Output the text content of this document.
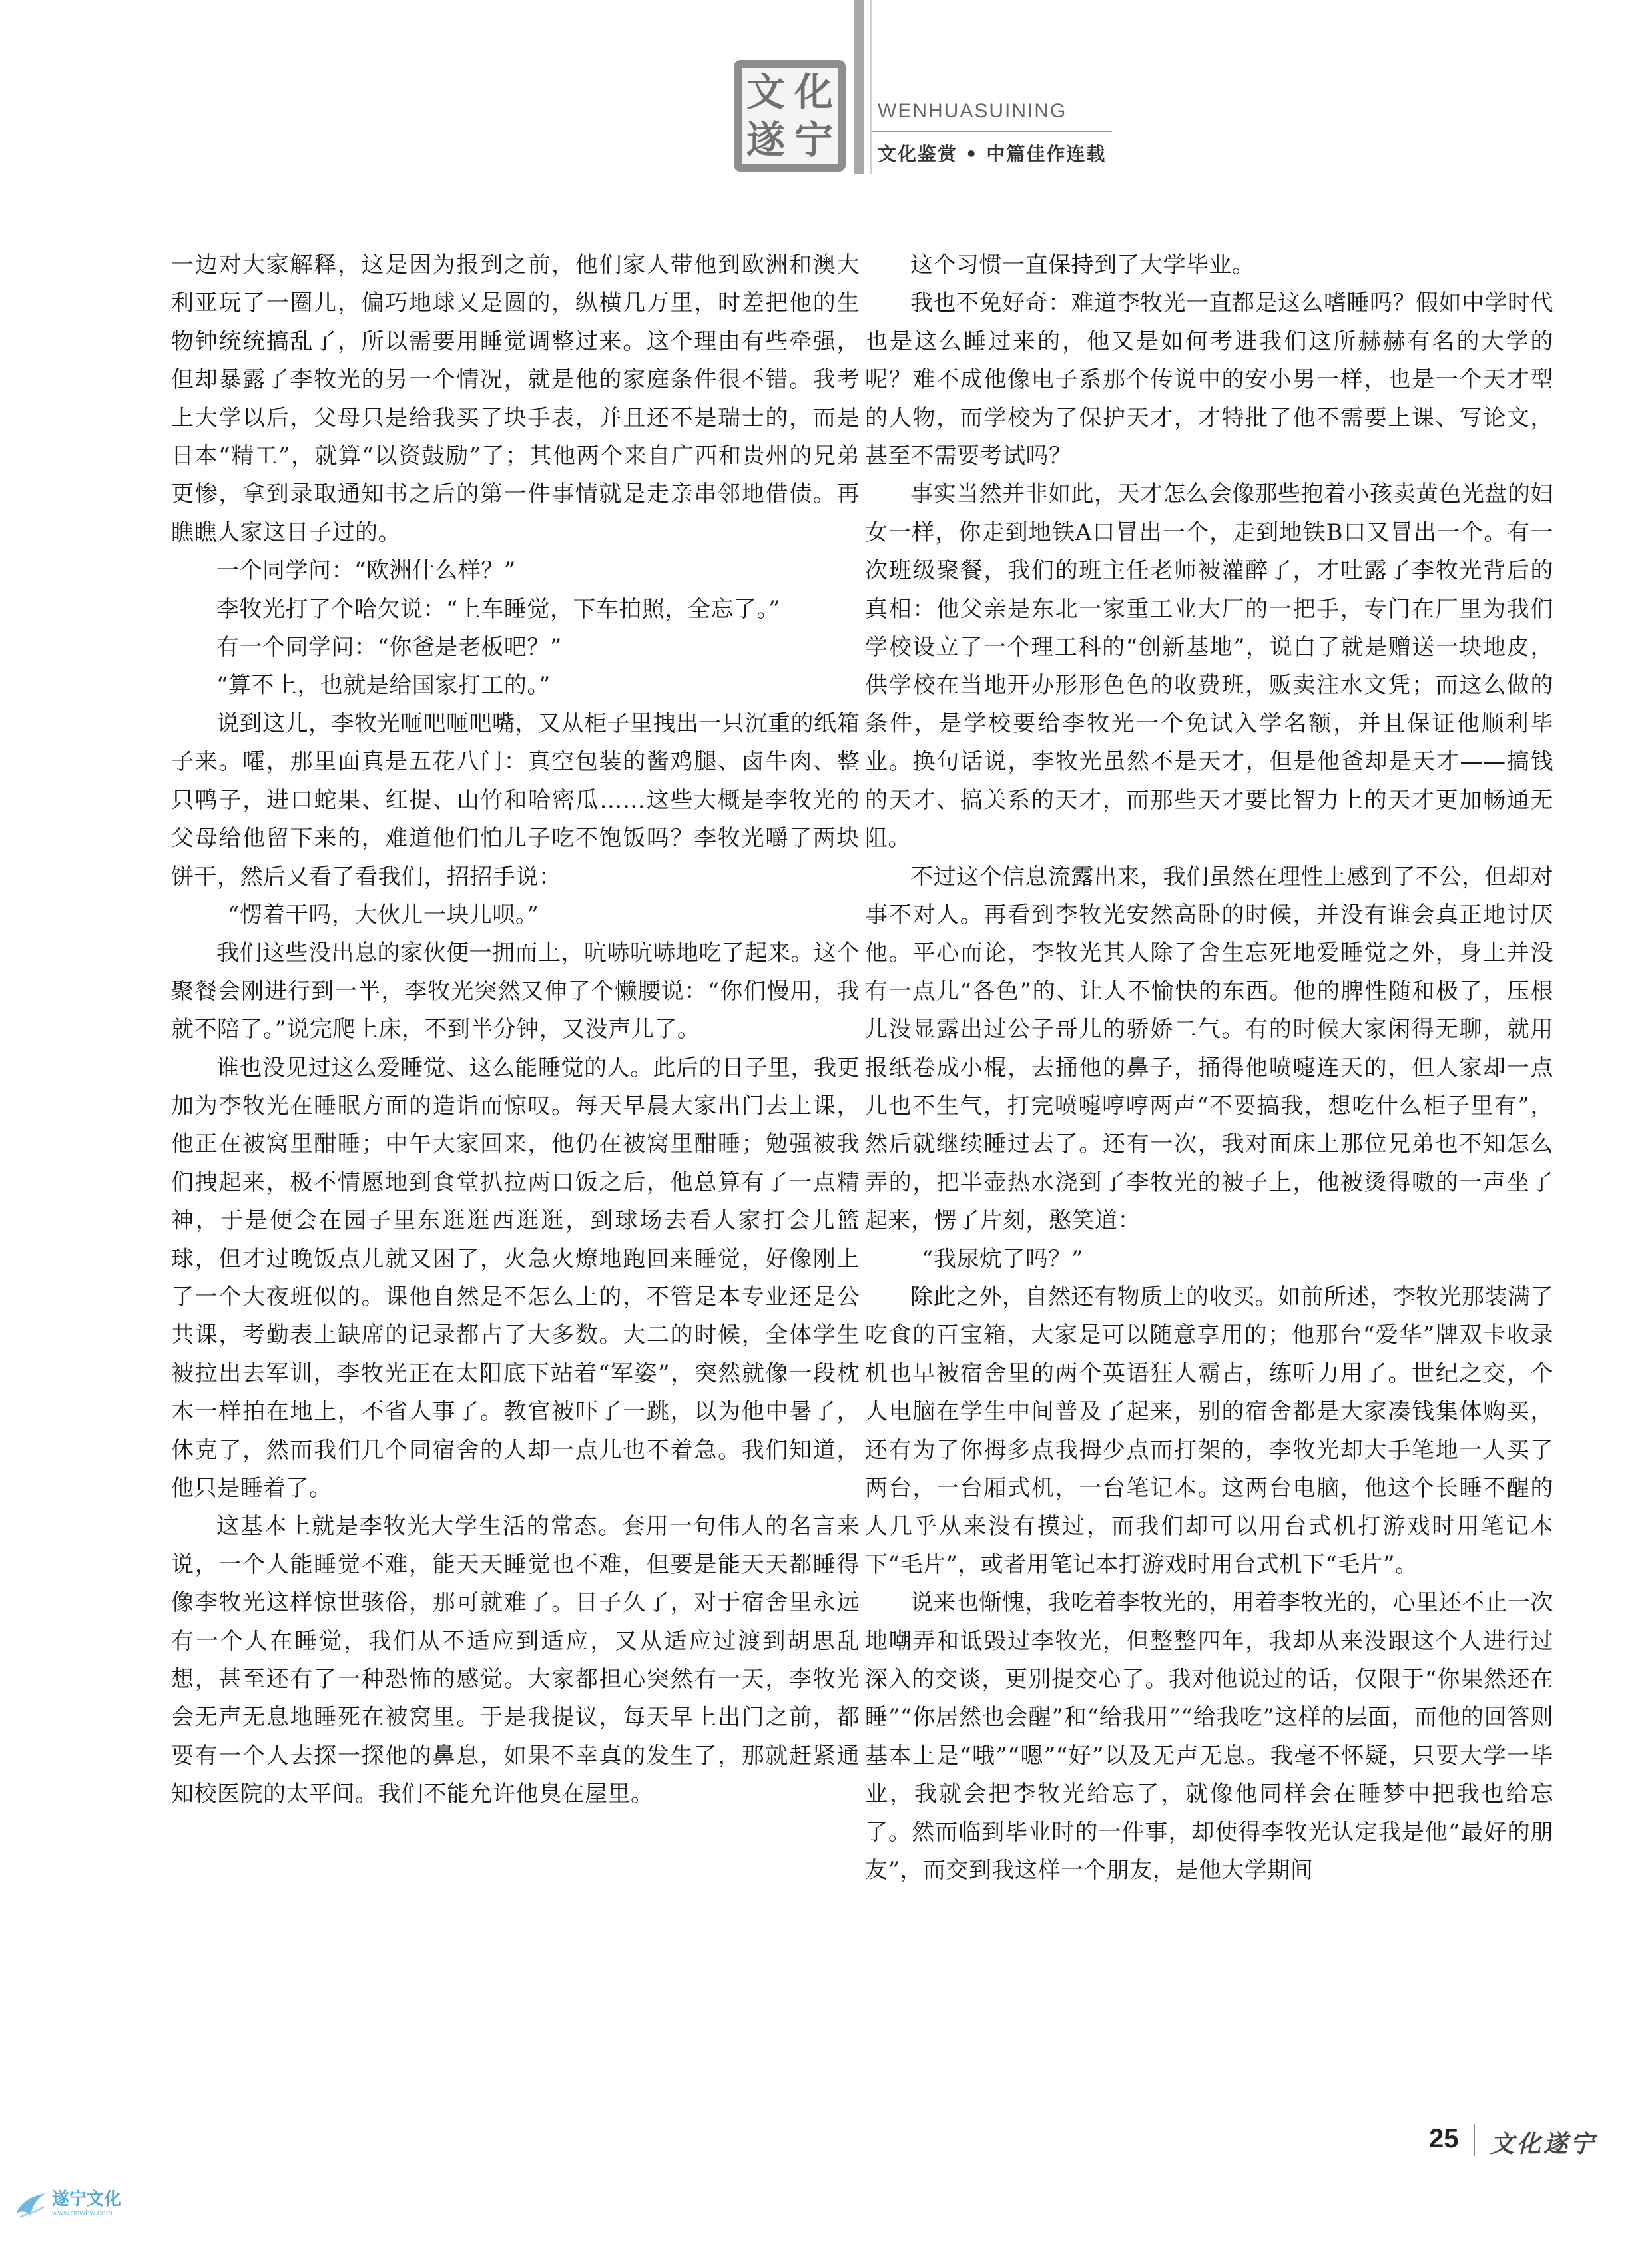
文 化
遂 宁
WENHUASUINING
文化鉴赏 • 中篇佳作连载

一边对大家解释，这是因为报到之前，他们家人带他到欧洲和澳大利亚玩了一圈儿，偏巧地球又是圆的，纵横几万里，时差把他的生物钟统统搞乱了，所以需要用睡觉调整过来。这个理由有些牵强，但却暴露了李牧光的另一个情况，就是他的家庭条件很不错。我考上大学以后，父母只是给我买了块手表，并且还不是瑞士的，而是日本“精工”，就算“以资鼓励”了；其他两个来自广西和贵州的兄弟更惨，拿到录取通知书之后的第一件事情就是走亲串邻地借债。再瞧瞧人家这日子过的。

一个同学问：“欧洲什么样？”

李牧光打了个哈欠说：“上车睡觉，下车拍照，全忘了。”

有一个同学问：“你爸是老板吧？”

“算不上，也就是给国家打工的。”

说到这儿，李牧光咂吧咂吧嘴，又从柜子里拽出一只沉重的纸箱子来。嚯，那里面真是五花八门：真空包装的酱鸡腿、卤牛肉、整只鸭子，进口蛇果、红提、山竹和哈密瓜……这些大概是李牧光的父母给他留下来的，难道他们怕儿子吃不饱饭吗？李牧光嚼了两块饼干，然后又看了看我们，招招手说：

“愣着干吗，大伙儿一块儿呗。”

我们这些没出息的家伙便一拥而上，吭哧吭哧地吃了起来。这个聚餐会刚进行到一半，李牧光突然又伸了个懒腰说：“你们慢用，我就不陪了。”说完爬上床，不到半分钟，又没声儿了。

谁也没见过这么爱睡觉、这么能睡觉的人。此后的日子里，我更加为李牧光在睡眠方面的造诣而惊叹。每天早晨大家出门去上课，他正在被窝里酣睡；中午大家回来，他仍在被窝里酣睡；勉强被我们拽起来，极不情愿地到食堂扒拉两口饭之后，他总算有了一点精神，于是便会在园子里东逛逛西逛逛，到球场去看人家打会儿篮球，但才过晚饭点儿就又困了，火急火燎地跑回来睡觉，好像刚上了一个大夜班似的。课他自然是不怎么上的，不管是本专业还是公共课，考勤表上缺席的记录都占了大多数。大二的时候，全体学生被拉出去军训，李牧光正在太阳底下站着“军姿”，突然就像一段枕木一样拍在地上，不省人事了。教官被吓了一跳，以为他中暑了，休克了，然而我们几个同宿舍的人却一点儿也不着急。我们知道，他只是睡着了。

这基本上就是李牧光大学生活的常态。套用一句伟人的名言来说，一个人能睡觉不难，能天天睡觉也不难，但要是能天天都睡得像李牧光这样惊世骇俗，那可就难了。日子久了，对于宿舍里永远有一个人在睡觉，我们从不适应到适应，又从适应过渡到胡思乱想，甚至还有了一种恐怖的感觉。大家都担心突然有一天，李牧光会无声无息地睡死在被窝里。于是我提议，每天早上出门之前，都要有一个人去探一探他的鼻息，如果不幸真的发生了，那就赶紧通知校医院的太平间。我们不能允许他臭在屋里。

这个习惯一直保持到了大学毕业。

我也不免好奇：难道李牧光一直都是这么嗜睡吗？假如中学时代也是这么睡过来的，他又是如何考进我们这所赫赫有名的大学的呢？难不成他像电子系那个传说中的安小男一样，也是一个天才型的人物，而学校为了保护天才，才特批了他不需要上课、写论文，甚至不需要考试吗？

事实当然并非如此，天才怎么会像那些抱着小孩卖黄色光盘的妇女一样，你走到地铁A口冒出一个，走到地铁B口又冒出一个。有一次班级聚餐，我们的班主任老师被灌醉了，才吐露了李牧光背后的真相：他父亲是东北一家重工业大厂的一把手，专门在厂里为我们学校设立了一个理工科的“创新基地”，说白了就是赠送一块地皮，供学校在当地开办形形色色的收费班，贩卖注水文凭；而这么做的条件，是学校要给李牧光一个免试入学名额，并且保证他顺利毕业。换句话说，李牧光虽然不是天才，但是他爸却是天才——搞钱的天才、搞关系的天才，而那些天才要比智力上的天才更加畅通无阻。

不过这个信息流露出来，我们虽然在理性上感到了不公，但却对事不对人。再看到李牧光安然高卧的时候，并没有谁会真正地讨厌他。平心而论，李牧光其人除了舍生忘死地爱睡觉之外，身上并没有一点儿“各色”的、让人不愉快的东西。他的脾性随和极了，压根儿没显露出过公子哥儿的骄娇二气。有的时候大家闲得无聊，就用报纸卷成小棍，去捅他的鼻子，捅得他喷嚏连天的，但人家却一点儿也不生气，打完喷嚏哼哼两声“不要搞我，想吃什么柜子里有”，然后就继续睡过去了。还有一次，我对面床上那位兄弟也不知怎么弄的，把半壶热水浇到了李牧光的被子上，他被烫得嗷的一声坐了起来，愣了片刻，憨笑道：

“我尿炕了吗？”

除此之外，自然还有物质上的收买。如前所述，李牧光那装满了吃食的百宝箱，大家是可以随意享用的；他那台“爱华”牌双卡收录机也早被宿舍里的两个英语狂人霸占，练听力用了。世纪之交，个人电脑在学生中间普及了起来，别的宿舍都是大家凑钱集体购买，还有为了你拇多点我拇少点而打架的，李牧光却大手笔地一人买了两台，一台厢式机，一台笔记本。这两台电脑，他这个长睡不醒的人几乎从来没有摸过，而我们却可以用台式机打游戏时用笔记本下“毛片”，或者用笔记本打游戏时用台式机下“毛片”。

说来也惭愧，我吃着李牧光的，用着李牧光的，心里还不止一次地嘲弄和诋毁过李牧光，但整整四年，我却从来没跟这个人进行过深入的交谈，更别提交心了。我对他说过的话，仅限于“你果然还在睡”“你居然也会醒”和“给我用”“给我吃”这样的层面，而他的回答则基本上是“哦”“嗯”“好”以及无声无息。我毫不怀疑，只要大学一毕业，我就会把李牧光给忘了，就像他同样会在睡梦中把我也给忘了。然而临到毕业时的一件事，却使得李牧光认定我是他“最好的朋友”，而交到我这样一个朋友，是他大学期间

25 文化遂宁
遂宁文化
www.snwhw.com
